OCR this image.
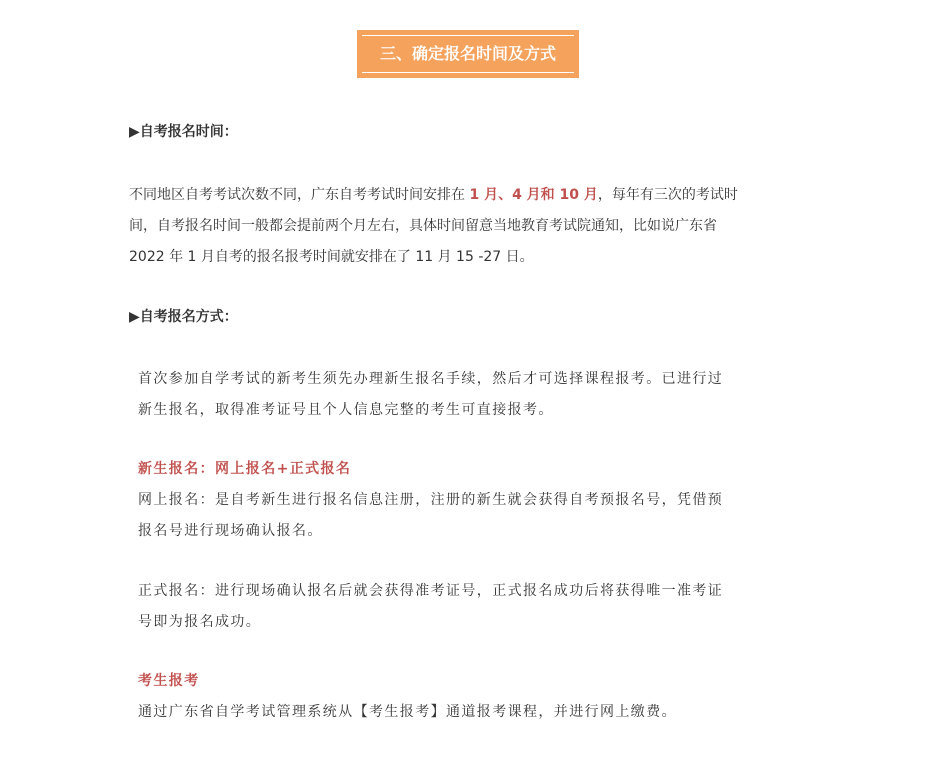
三、确定报名时间及方式

▶自考报名时间：

不同地区自考考试次数不同，广东自考考试时间安排在 1 月、4 月和 10 月，每年有三次的考试时
间，自考报名时间一般都会提前两个月左右，具体时间留意当地教育考试院通知，比如说广东省
2022 年 1 月自考的报名报考时间就安排在了 11 月 15 -27 日。

▶自考报名方式：

首次参加自学考试的新考生须先办理新生报名手续，然后才可选择课程报考。已进行过
新生报名，取得准考证号且个人信息完整的考生可直接报考。
新生报名：网上报名+正式报名
网上报名：是自考新生进行报名信息注册，注册的新生就会获得自考预报名号，凭借预
报名号进行现场确认报名。
正式报名：进行现场确认报名后就会获得准考证号，正式报名成功后将获得唯一准考证
号即为报名成功。
考生报考
通过广东省自学考试管理系统从【考生报考】通道报考课程，并进行网上缴费。
